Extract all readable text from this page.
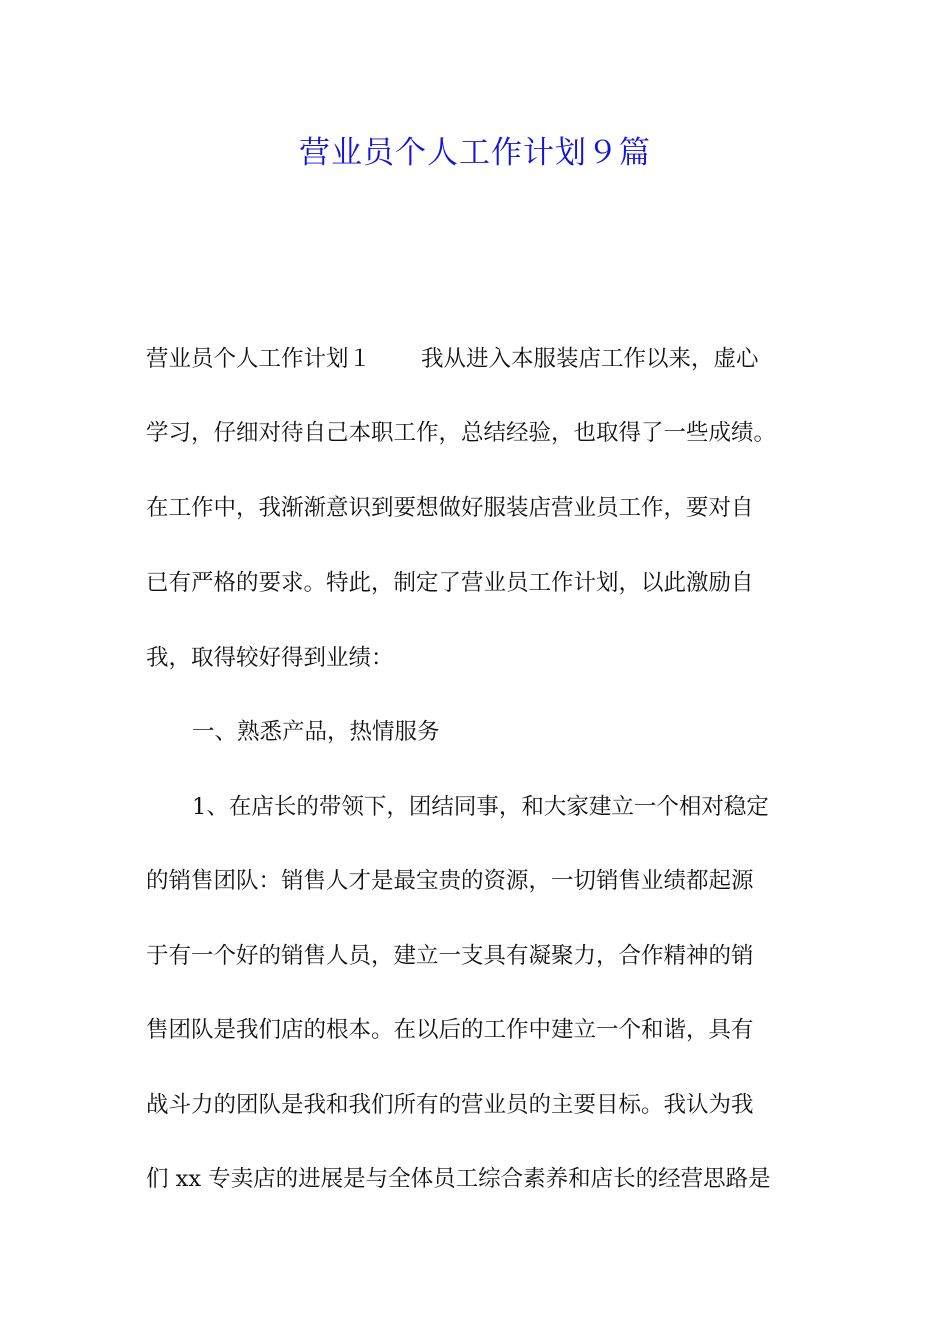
营业员个人工作计划９篇
营业员个人工作计划１ 我从进入本服装店工作以来，虚心
学习，仔细对待自己本职工作，总结经验，也取得了一些成绩。
在工作中，我渐渐意识到要想做好服装店营业员工作，要对自
已有严格的要求。特此，制定了营业员工作计划，以此激励自
我，取得较好得到业绩：
一、熟悉产品，热情服务
1、在店长的带领下，团结同事，和大家建立一个相对稳定
的销售团队：销售人才是最宝贵的资源，一切销售业绩都起源
于有一个好的销售人员，建立一支具有凝聚力，合作精神的销
售团队是我们店的根本。在以后的工作中建立一个和谐，具有
战斗力的团队是我和我们所有的营业员的主要目标。我认为我
们 xx 专卖店的进展是与全体员工综合素养和店长的经营思路是
